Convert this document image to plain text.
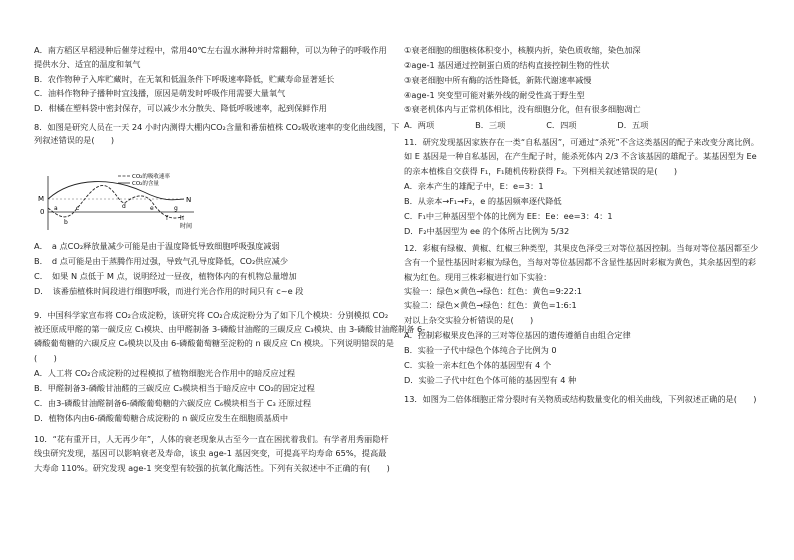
A．南方稻区早稻浸种后催芽过程中，常用40℃左右温水淋种并时常翻种，可以为种子的呼吸作用
提供水分、适宜的温度和氧气
B．农作物种子入库贮藏时，在无氧和低温条件下呼吸速率降低，贮藏寿命显著延长
C．油料作物种子播种时宜浅播，原因是萌发时呼吸作用需要大量氧气
D．柑橘在塑料袋中密封保存，可以减少水分散失、降低呼吸速率，起到保鲜作用
8．如图是研究人员在一天 24 小时内测得大棚内CO₂含量和番茄植株 CO₂吸收速率的变化曲线图，下
列叙述错误的是(　　)
A．　a 点CO₂释放量减少可能是由于温度降低导致细胞呼吸强度减弱
B．　d 点可能是由于蒸腾作用过强，导致气孔导度降低，CO₂供应减少
C．　如果 N 点低于 M 点，说明经过一昼夜，植物体内的有机物总量增加
D．　该番茄植株时间段进行细胞呼吸，而进行光合作用的时间只有 c~e 段
9．中国科学家宣布将 CO₂合成淀粉，该研究将 CO₂合成淀粉分为了如下几个模块：分别模拟 CO₂
被还原成甲醛的第一碳反应 C₁模块、由甲醛制备 3-磷酸甘油醛的三碳反应 C₃模块、由 3-磷酸甘油醛制备 6-
磷酸葡萄糖的六碳反应 C₆模块以及由 6-磷酸葡萄糖至淀粉的 n 碳反应 Cn 模块。下列说明错误的是
(　　)
A．人工将 CO₂合成淀粉的过程模拟了植物细胞光合作用中的暗反应过程
B．甲醛制备3-磷酸甘油醛的三碳反应 C₃模块相当于暗反应中 CO₂的固定过程
C．由3-磷酸甘油醛制备6-磷酸葡萄糖的六碳反应 C₆模块相当于 C₃ 还原过程
D．植物体内由6-磷酸葡萄糖合成淀粉的 n 碳反应发生在细胞质基质中
10．“花有重开日，人无再少年”，人体的衰老现象从古至今一直在困扰着我们。有学者用秀丽隐杆
线虫研究发现，基因可以影响衰老及寿命，该虫 age-1 基因突变，可提高平均寿命 65%，提高最
大寿命 110%。研究发现 age-1 突变型有较强的抗氧化酶活性。下列有关叙述中不正确的有(　　)
①衰老细胞的细胞核体积变小，核膜内折，染色质收缩，染色加深
②age-1 基因通过控制蛋白质的结构直接控制生物的性状
③衰老细胞中所有酶的活性降低，新陈代谢速率减慢
④age-1 突变型可能对紫外线的耐受性高于野生型
⑤衰老机体内与正常机体相比，没有细胞分化，但有很多细胞凋亡
A．两项　　　　　B．三项　　　　　C．四项　　　　　D．五项
11．研究发现基因家族存在一类“自私基因”，可通过“杀死”不含这类基因的配子来改变分离比例。
如 E 基因是一种自私基因，在产生配子时，能杀死体内 2/3 不含该基因的雄配子。某基因型为 Ee
的亲本植株自交获得 F₁，F₁随机传粉获得 F₂。下列相关叙述错误的是(　　)
A．亲本产生的雄配子中，E：e=3：1
B．从亲本→F₁→F₂，e 的基因频率逐代降低
C．F₁中三种基因型个体的比例为 EE：Ee：ee=3：4：1
D．F₂中基因型为 ee 的个体所占比例为 5/32
12．彩椒有绿椒、黄椒、红椒三种类型，其果皮色泽受三对等位基因控制。当每对等位基因都至少
含有一个显性基因时彩椒为绿色，当每对等位基因都不含显性基因时彩椒为黄色，其余基因型的彩
椒为红色。现用三株彩椒进行如下实验：
实验一：绿色×黄色→绿色：红色：黄色=9:22:1
实验二：绿色×黄色→绿色：红色：黄色=1:6:1
对以上杂交实验分析错误的是(　　)
A．控制彩椒果皮色泽的三对等位基因的遗传遵循自由组合定律
B．实验一子代中绿色个体纯合子比例为 0
C．实验一亲本红色个体的基因型有 4 个
D．实验二子代中红色个体可能的基因型有 4 种
13．如图为二倍体细胞正常分裂时有关物质或结构数量变化的相关曲线，下列叙述正确的是(　　)
CO₂的吸收速率
CO₂的含量
M
0
N
a
b
c	d	e
f
g
h
时间
